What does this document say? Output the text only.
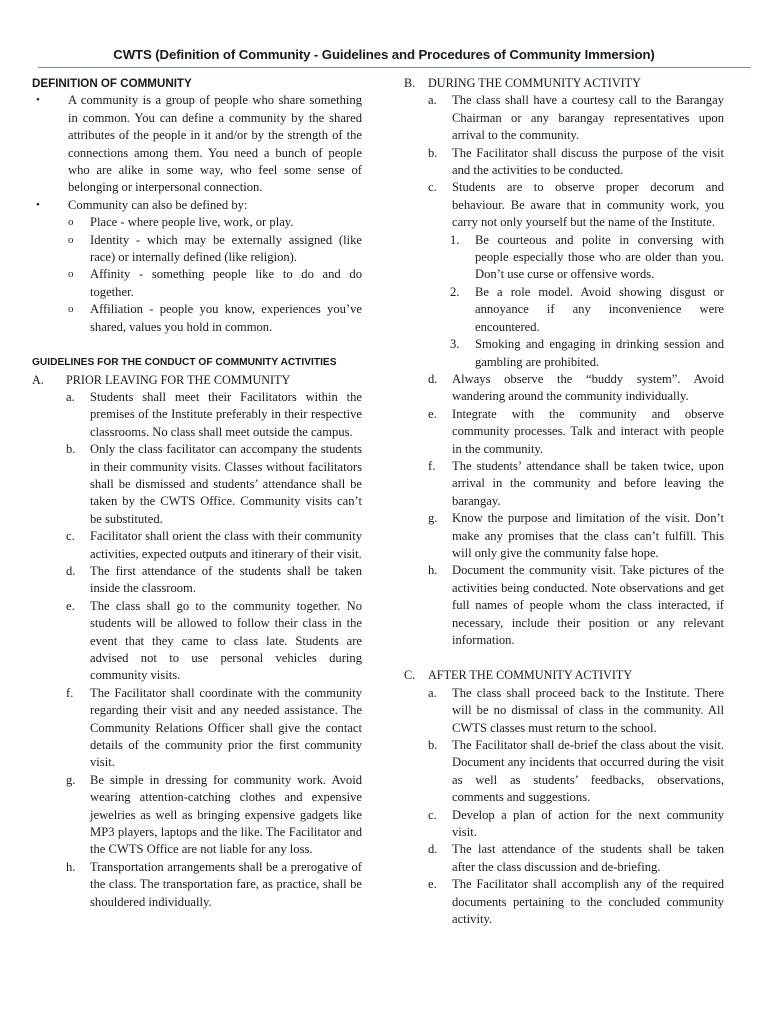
CWTS (Definition of Community - Guidelines and Procedures of Community Immersion)
DEFINITION OF COMMUNITY
• A community is a group of people who share something in common. You can define a community by the shared attributes of the people in it and/or by the strength of the connections among them. You need a bunch of people who are alike in some way, who feel some sense of belonging or interpersonal connection.
• Community can also be defined by:
o Place - where people live, work, or play.
o Identity - which may be externally assigned (like race) or internally defined (like religion).
o Affinity - something people like to do and do together.
o Affiliation - people you know, experiences you’ve shared, values you hold in common.
GUIDELINES FOR THE CONDUCT OF COMMUNITY ACTIVITIES
A. PRIOR LEAVING FOR THE COMMUNITY
a. Students shall meet their Facilitators within the premises of the Institute preferably in their respective classrooms. No class shall meet outside the campus.
b. Only the class facilitator can accompany the students in their community visits. Classes without facilitators shall be dismissed and students’ attendance shall be taken by the CWTS Office. Community visits can’t be substituted.
c. Facilitator shall orient the class with their community activities, expected outputs and itinerary of their visit.
d. The first attendance of the students shall be taken inside the classroom.
e. The class shall go to the community together. No students will be allowed to follow their class in the event that they came to class late. Students are advised not to use personal vehicles during community visits.
f. The Facilitator shall coordinate with the community regarding their visit and any needed assistance. The Community Relations Officer shall give the contact details of the community prior the first community visit.
g. Be simple in dressing for community work. Avoid wearing attention-catching clothes and expensive jewelries as well as bringing expensive gadgets like MP3 players, laptops and the like. The Facilitator and the CWTS Office are not liable for any loss.
h. Transportation arrangements shall be a prerogative of the class. The transportation fare, as practice, shall be shouldered individually.
B. DURING THE COMMUNITY ACTIVITY
a. The class shall have a courtesy call to the Barangay Chairman or any barangay representatives upon arrival to the community.
b. The Facilitator shall discuss the purpose of the visit and the activities to be conducted.
c. Students are to observe proper decorum and behaviour. Be aware that in community work, you carry not only yourself but the name of the Institute.
1. Be courteous and polite in conversing with people especially those who are older than you. Don’t use curse or offensive words.
2. Be a role model. Avoid showing disgust or annoyance if any inconvenience were encountered.
3. Smoking and engaging in drinking session and gambling are prohibited.
d. Always observe the “buddy system”. Avoid wandering around the community individually.
e. Integrate with the community and observe community processes. Talk and interact with people in the community.
f. The students’ attendance shall be taken twice, upon arrival in the community and before leaving the barangay.
g. Know the purpose and limitation of the visit. Don’t make any promises that the class can’t fulfill. This will only give the community false hope.
h. Document the community visit. Take pictures of the activities being conducted. Note observations and get full names of people whom the class interacted, if necessary, include their position or any relevant information.
C. AFTER THE COMMUNITY ACTIVITY
a. The class shall proceed back to the Institute. There will be no dismissal of class in the community. All CWTS classes must return to the school.
b. The Facilitator shall de-brief the class about the visit. Document any incidents that occurred during the visit as well as students’ feedbacks, observations, comments and suggestions.
c. Develop a plan of action for the next community visit.
d. The last attendance of the students shall be taken after the class discussion and de-briefing.
e. The Facilitator shall accomplish any of the required documents pertaining to the concluded community activity.
